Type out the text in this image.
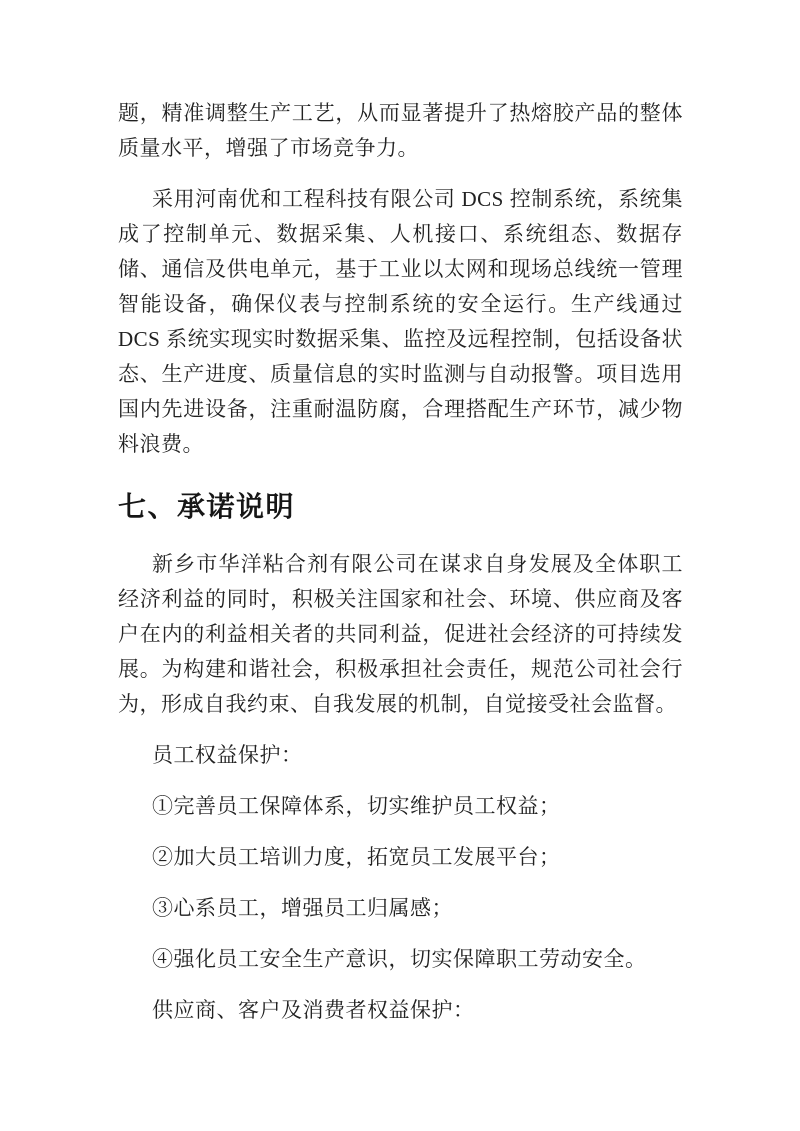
题，精准调整生产工艺，从而显著提升了热熔胶产品的整体质量水平，增强了市场竞争力。

采用河南优和工程科技有限公司 DCS 控制系统，系统集成了控制单元、数据采集、人机接口、系统组态、数据存储、通信及供电单元，基于工业以太网和现场总线统一管理智能设备，确保仪表与控制系统的安全运行。生产线通过 DCS 系统实现实时数据采集、监控及远程控制，包括设备状态、生产进度、质量信息的实时监测与自动报警。项目选用国内先进设备，注重耐温防腐，合理搭配生产环节，减少物料浪费。

七、承诺说明

新乡市华洋粘合剂有限公司在谋求自身发展及全体职工经济利益的同时，积极关注国家和社会、环境、供应商及客户在内的利益相关者的共同利益，促进社会经济的可持续发展。为构建和谐社会，积极承担社会责任，规范公司社会行为，形成自我约束、自我发展的机制，自觉接受社会监督。

员工权益保护：

①完善员工保障体系，切实维护员工权益；

②加大员工培训力度，拓宽员工发展平台；

③心系员工，增强员工归属感；

④强化员工安全生产意识，切实保障职工劳动安全。

供应商、客户及消费者权益保护：
